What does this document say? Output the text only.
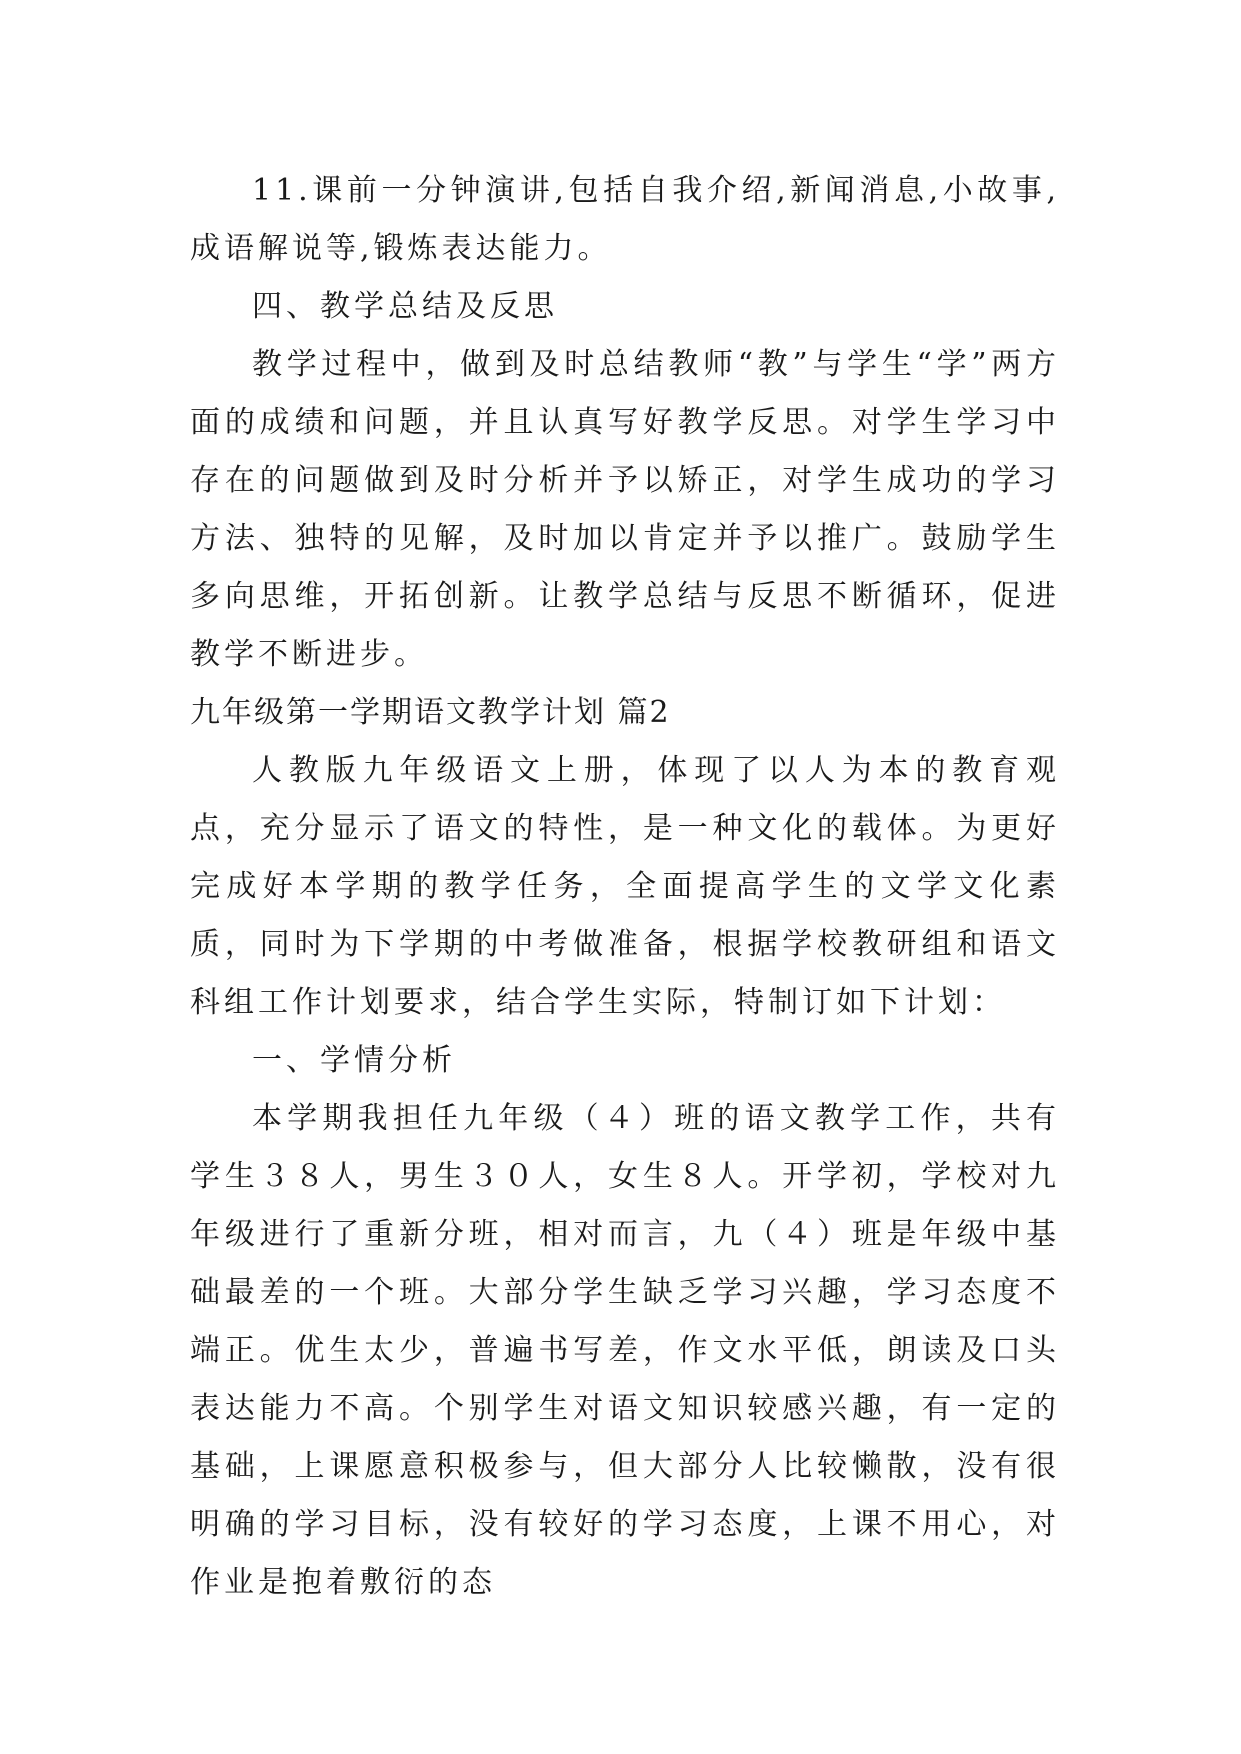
11.课前一分钟演讲,包括自我介绍,新闻消息,小故事,成语解说等,锻炼表达能力。

四、教学总结及反思

教学过程中，做到及时总结教师“教”与学生“学”两方面的成绩和问题，并且认真写好教学反思。对学生学习中存在的问题做到及时分析并予以矫正，对学生成功的学习方法、独特的见解，及时加以肯定并予以推广。鼓励学生多向思维，开拓创新。让教学总结与反思不断循环，促进教学不断进步。

九年级第一学期语文教学计划 篇2

人教版九年级语文上册，体现了以人为本的教育观点，充分显示了语文的特性，是一种文化的载体。为更好完成好本学期的教学任务，全面提高学生的文学文化素质，同时为下学期的中考做准备，根据学校教研组和语文科组工作计划要求，结合学生实际，特制订如下计划：

一、学情分析

本学期我担任九年级（４）班的语文教学工作，共有学生３８人，男生３０人，女生８人。开学初，学校对九年级进行了重新分班，相对而言，九（４）班是年级中基础最差的一个班。大部分学生缺乏学习兴趣，学习态度不端正。优生太少，普遍书写差，作文水平低，朗读及口头表达能力不高。个别学生对语文知识较感兴趣，有一定的基础，上课愿意积极参与，但大部分人比较懒散，没有很明确的学习目标，没有较好的学习态度，上课不用心，对作业是抱着敷衍的态
